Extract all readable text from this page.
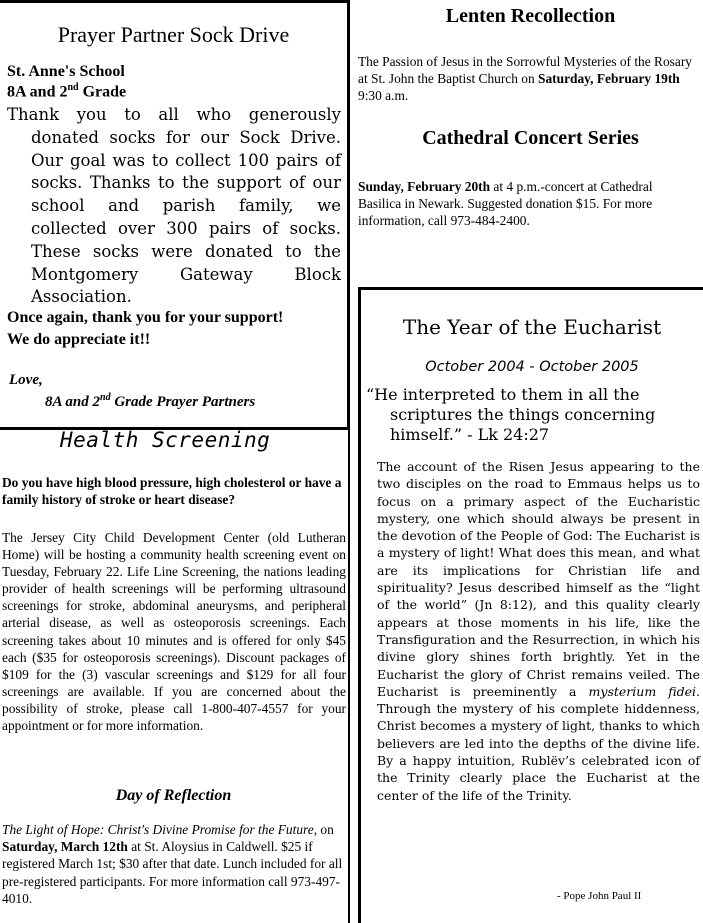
Prayer Partner Sock Drive
St. Anne's School
8A and 2nd Grade

Thank you to all who generously donated socks for our Sock Drive. Our goal was to collect 100 pairs of socks. Thanks to the support of our school and parish family, we collected over 300 pairs of socks. These socks were donated to the Montgomery Gateway Block Association.

Once again, thank you for your support!
We do appreciate it!!
Love,
8A and 2nd Grade Prayer Partners
Lenten Recollection

The Passion of Jesus in the Sorrowful Mysteries of the Rosary at St. John the Baptist Church on Saturday, February 19th 9:30 a.m.

Cathedral Concert Series

Sunday, February 20th at 4 p.m.-concert at Cathedral Basilica in Newark. Suggested donation $15. For more information, call 973-484-2400.

Health Screening

Do you have high blood pressure, high cholesterol or have a family history of stroke or heart disease?

The Jersey City Child Development Center (old Lutheran Home) will be hosting a community health screening event on Tuesday, February 22. Life Line Screening, the nations leading provider of health screenings will be performing ultrasound screenings for stroke, abdominal aneurysms, and peripheral arterial disease, as well as osteoporosis screenings. Each screening takes about 10 minutes and is offered for only $45 each ($35 for osteoporosis screenings). Discount packages of $109 for the (3) vascular screenings and $129 for all four screenings are available. If you are concerned about the possibility of stroke, please call 1-800-407-4557 for your appointment or for more information.

Day of Reflection

The Light of Hope: Christ's Divine Promise for the Future, on Saturday, March 12th at St. Aloysius in Caldwell. $25 if registered March 1st; $30 after that date. Lunch included for all pre-registered participants. For more information call 973-497-4010.

The Year of the Eucharist
October 2004 - October 2005

“He interpreted to them in all the scriptures the things concerning himself.” - Lk 24:27

The account of the Risen Jesus appearing to the two disciples on the road to Emmaus helps us to focus on a primary aspect of the Eucharistic mystery, one which should always be present in the devotion of the People of God: The Eucharist is a mystery of light! What does this mean, and what are its implications for Christian life and spirituality? Jesus described himself as the “light of the world” (Jn 8:12), and this quality clearly appears at those moments in his life, like the Transfiguration and the Resurrection, in which his divine glory shines forth brightly. Yet in the Eucharist the glory of Christ remains veiled. The Eucharist is preeminently a mysterium fidei. Through the mystery of his complete hiddenness, Christ becomes a mystery of light, thanks to which believers are led into the depths of the divine life. By a happy intuition, Rublëv’s celebrated icon of the Trinity clearly place the Eucharist at the center of the life of the Trinity.

- Pope John Paul II
